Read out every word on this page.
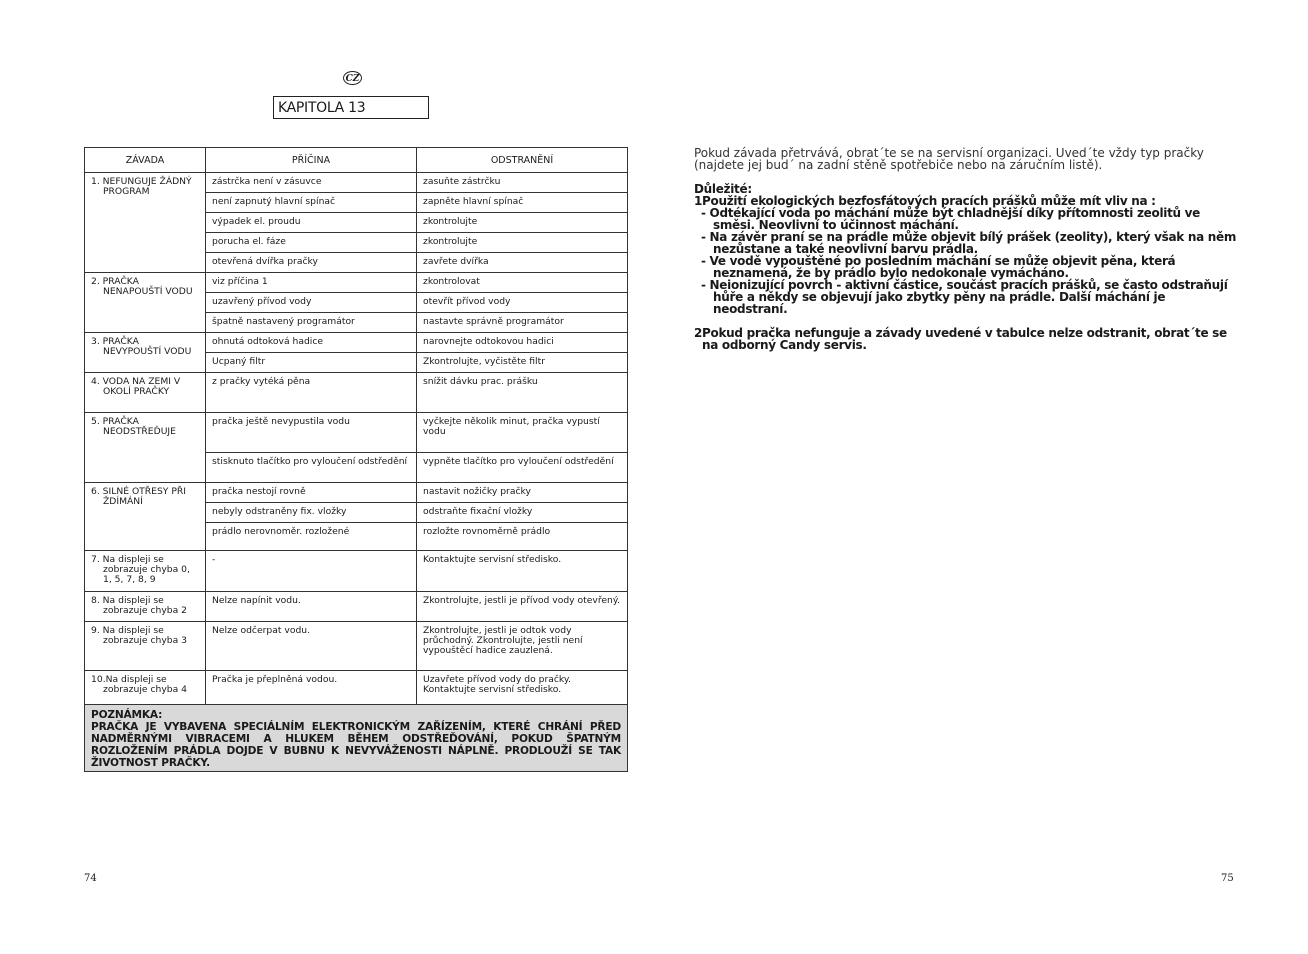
CZ
KAPITOLA 13
ZÁVADA	PŘÍČINA	ODSTRANĚNÍ

1. NEFUNGUJE ŽÁDNÝ PROGRAM	zástrčka není v zásuvce	zasuňte zástrčku
	není zapnutý hlavní spínač	zapněte hlavní spínač
	výpadek el. proudu	zkontrolujte
	porucha el. fáze	zkontrolujte
	otevřená dvířka pračky	zavřete dvířka

2. PRAČKA NENAPOUŠTÍ VODU	viz příčina 1	zkontrolovat
	uzavřený přívod vody	otevřít přívod vody
	špatně nastavený programátor	nastavte správně programátor

3. PRAČKA NEVYPOUŠTÍ VODU	ohnutá odtoková hadice	narovnejte odtokovou hadici
	Ucpaný filtr	Zkontrolujte, vyčistěte filtr

4. VODA NA ZEMI V OKOLÍ PRAČKY	z pračky vytéká pěna	snížit dávku prac. prášku

5. PRAČKA NEODSTŘEĎUJE	pračka ještě nevypustila vodu	vyčkejte několik minut, pračka vypustí vodu
	stisknuto tlačítko pro vyloučení odstředění	vypněte tlačítko pro vyloučení odstředění

6. SILNÉ OTŘESY PŘI ŽDÍMÁNÍ	pračka nestojí rovně	nastavit nožičky pračky
	nebyly odstraněny fix. vložky	odstraňte fixační vložky
	prádlo nerovnoměr. rozložené	rozložte rovnoměrně prádlo

7. Na displeji se zobrazuje chyba 0, 1, 5, 7, 8, 9	-	Kontaktujte servisní středisko.

8. Na displeji se zobrazuje chyba 2	Nelze napínit vodu.	Zkontrolujte, jestli je přívod vody otevřený.

9. Na displeji se zobrazuje chyba 3	Nelze odčerpat vodu.	Zkontrolujte, jestli je odtok vody průchodný. Zkontrolujte, jestli není vypouštěcí hadice zauzlená.

10.Na displeji se zobrazuje chyba 4	Pračka je přeplněná vodou.	Uzavřete přívod vody do pračky. Kontaktujte servisní středisko.

POZNÁMKA:
PRAČKA JE VYBAVENA SPECIÁLNÍM ELEKTRONICKÝM ZAŘÍZENÍM, KTERÉ CHRÁNÍ PŘED NADMĚRNÝMI VIBRACEMI A HLUKEM BĚHEM ODSTŘEĎOVÁNÍ, POKUD ŠPATNÝM ROZLOŽENÍM PRÁDLA DOJDE V BUBNU K NEVYVÁŽENOSTI NÁPLNĚ. PRODLOUŽÍ SE TAK ŽIVOTNOST PRAČKY.		

Pokud závada přetrvává, obrat´te se na servisní organizaci. Uved´te vždy typ pračky (najdete jej bud´ na zadní stěně spotřebiče nebo na záručním listě).

Důležité:
1Použití ekologických bezfosfátových pracích prášků může mít vliv na :
- Odtékající voda po máchání může být chladnější díky přítomnosti zeolitů ve směsi. Neovlivní to účinnost máchání.
- Na závěr praní se na prádle může objevit bílý prášek (zeolity), který však na něm nezůstane a také neovlivní barvu prádla.
- Ve vodě vypouštěné po posledním máchání se může objevit pěna, která neznamená, že by prádlo bylo nedokonale vymácháno.
- Neionizující povrch - aktivní částice, součást pracích prášků, se často odstraňují hůře a někdy se objevují jako zbytky pěny na prádle. Další máchání je neodstraní.
2Pokud pračka nefunguje a závady uvedené v tabulce nelze odstranit, obrat´te se na odborný Candy servis.
74	75
